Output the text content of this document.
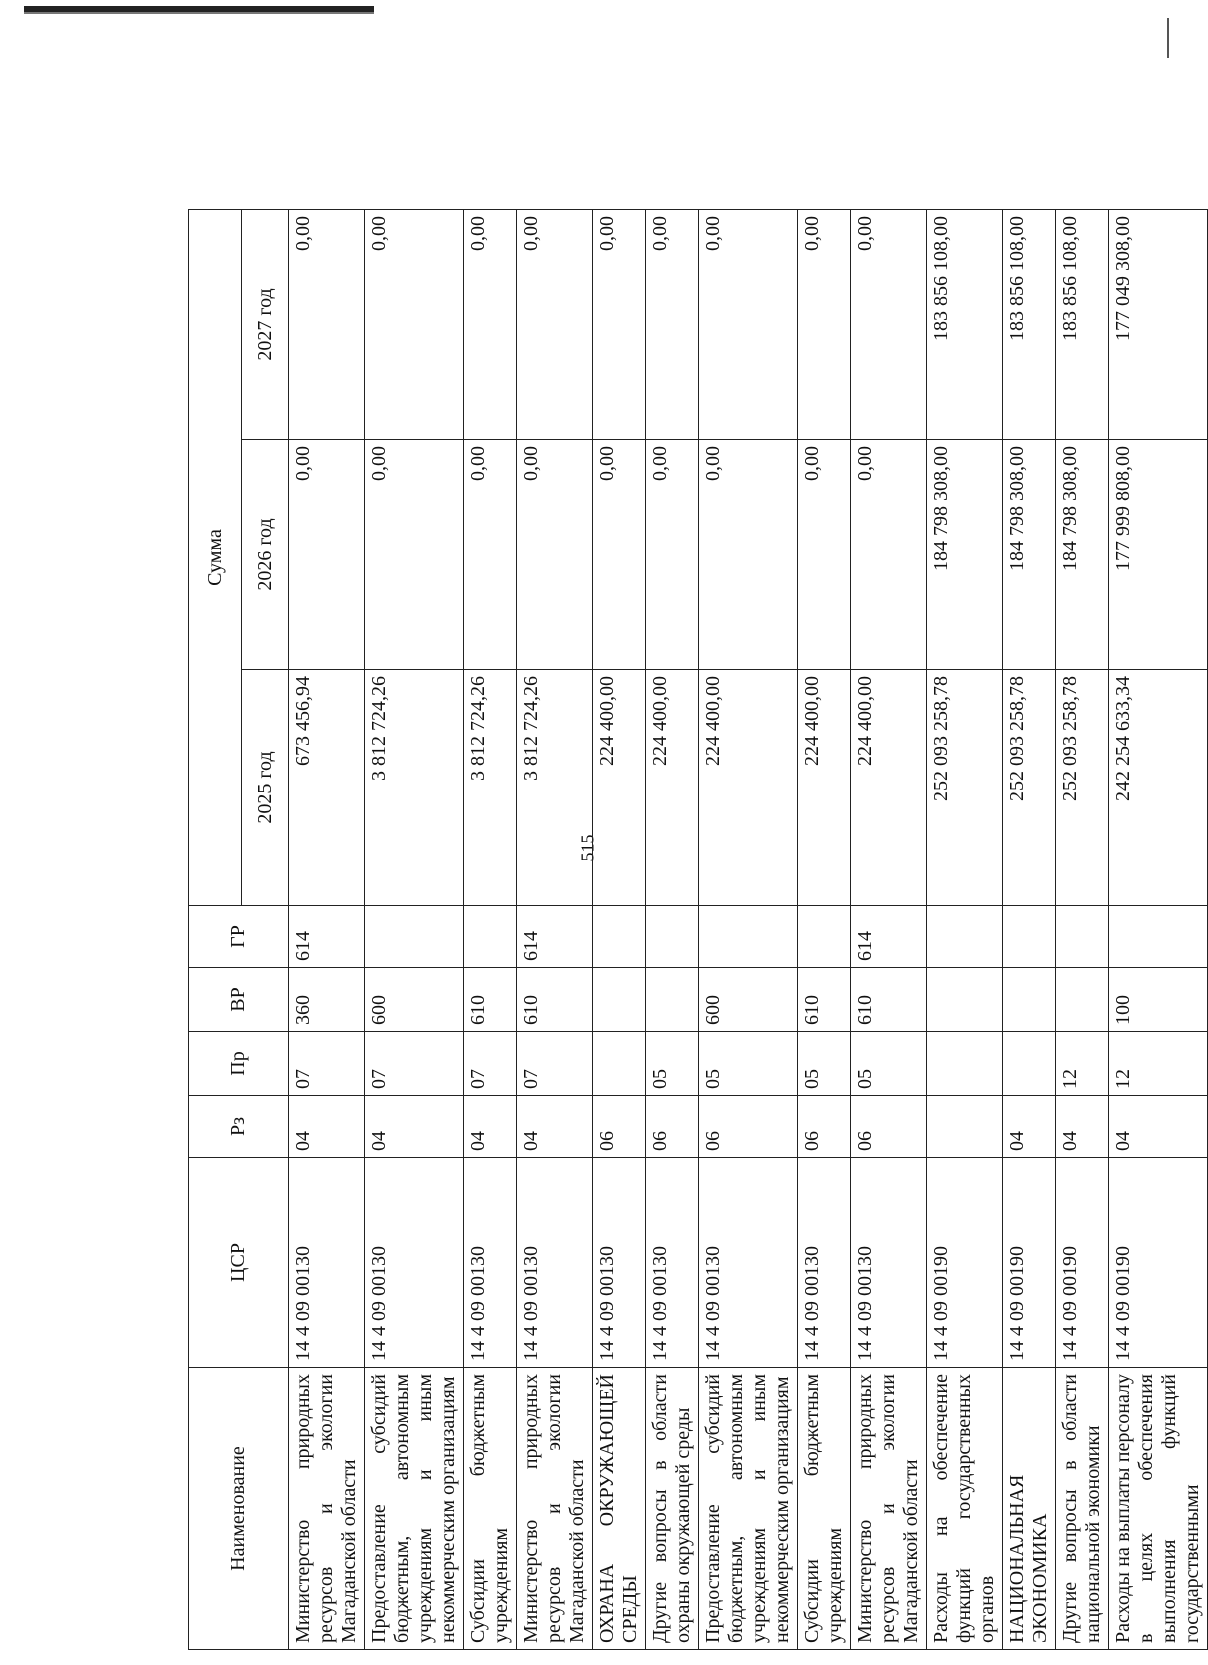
515
Наименование	ЦСР	Рз	Пр	ВР	ГР	Сумма		
						2025 год	2026 год	2027 год
Министерство природных ресурсов и экологии Магаданской области	14 4 09 00130	04	07	360	614	673 456,94	0,00	0,00
Предоставление субсидий бюджетным, автономным учреждениям и иным некоммерческим организациям	14 4 09 00130	04	07	600		3 812 724,26	0,00	0,00
Субсидии бюджетным учреждениям	14 4 09 00130	04	07	610		3 812 724,26	0,00	0,00
Министерство природных ресурсов и экологии Магаданской области	14 4 09 00130	04	07	610	614	3 812 724,26	0,00	0,00
ОХРАНА ОКРУЖАЮЩЕЙ СРЕДЫ	14 4 09 00130	06				224 400,00	0,00	0,00
Другие вопросы в области охраны окружающей среды	14 4 09 00130	06	05			224 400,00	0,00	0,00
Предоставление субсидий бюджетным, автономным учреждениям и иным некоммерческим организациям	14 4 09 00130	06	05	600		224 400,00	0,00	0,00
Субсидии бюджетным учреждениям	14 4 09 00130	06	05	610		224 400,00	0,00	0,00
Министерство природных ресурсов и экологии Магаданской области	14 4 09 00130	06	05	610	614	224 400,00	0,00	0,00
Расходы на обеспечение функций государственных органов	14 4 09 00190					252 093 258,78	184 798 308,00	183 856 108,00
НАЦИОНАЛЬНАЯ ЭКОНОМИКА	14 4 09 00190	04				252 093 258,78	184 798 308,00	183 856 108,00
Другие вопросы в области национальной экономики	14 4 09 00190	04	12			252 093 258,78	184 798 308,00	183 856 108,00
Расходы на выплаты персоналу в целях обеспечения выполнения функций государственными	14 4 09 00190	04	12	100		242 254 633,34	177 999 808,00	177 049 308,00
